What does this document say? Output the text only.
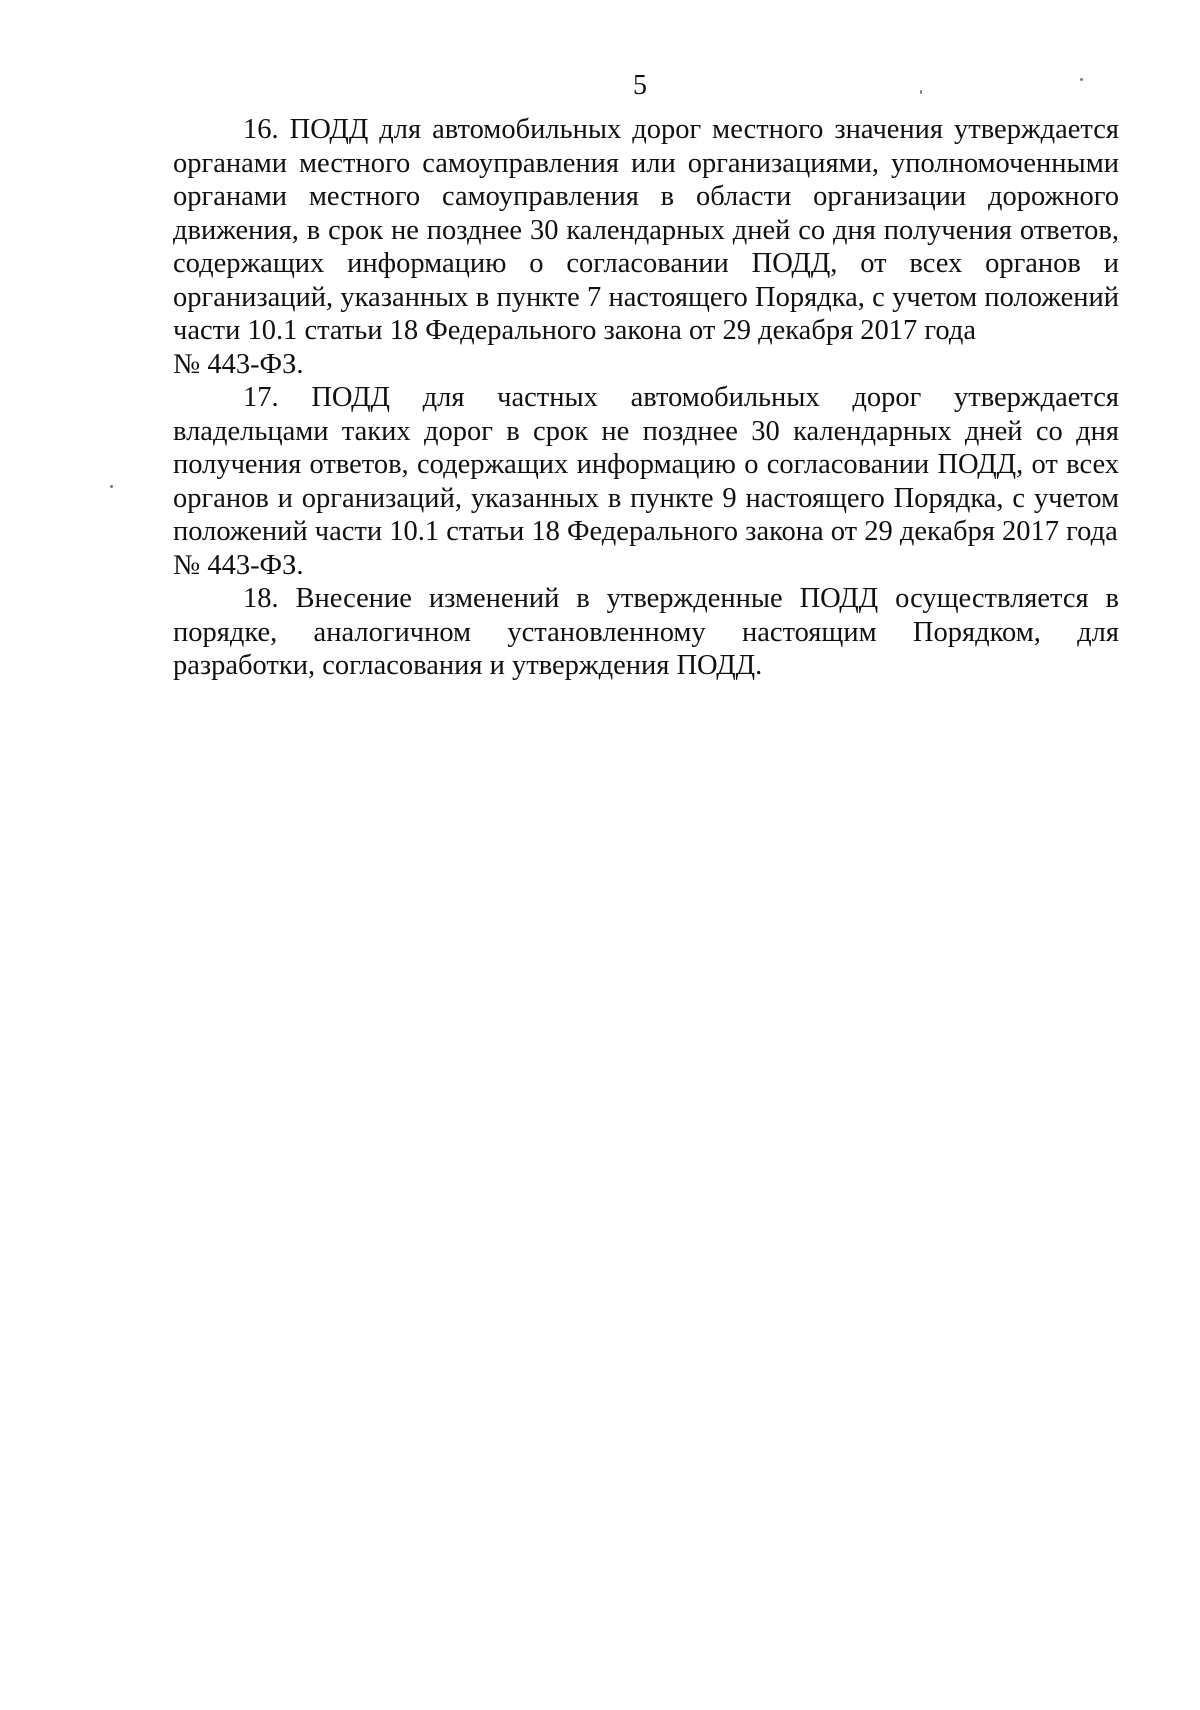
5

16. ПОДД для автомобильных дорог местного значения утверждается органами местного самоуправления или организациями, уполномоченными органами местного самоуправления в области организации дорожного движения, в срок не позднее 30 календарных дней со дня получения ответов, содержащих информацию о согласовании ПОДД, от всех органов и организаций, указанных в пункте 7 настоящего Порядка, с учетом положений части 10.1 статьи 18 Федерального закона от 29 декабря 2017 года
№ 443-ФЗ.

17. ПОДД для частных автомобильных дорог утверждается владельцами таких дорог в срок не позднее 30 календарных дней со дня получения ответов, содержащих информацию о согласовании ПОДД, от всех органов и организаций, указанных в пункте 9 настоящего Порядка, с учетом положений части 10.1 статьи 18 Федерального закона от 29 декабря 2017 года
№ 443-ФЗ.

18. Внесение изменений в утвержденные ПОДД осуществляется в порядке, аналогичном установленному настоящим Порядком, для разработки, согласования и утверждения ПОДД.
